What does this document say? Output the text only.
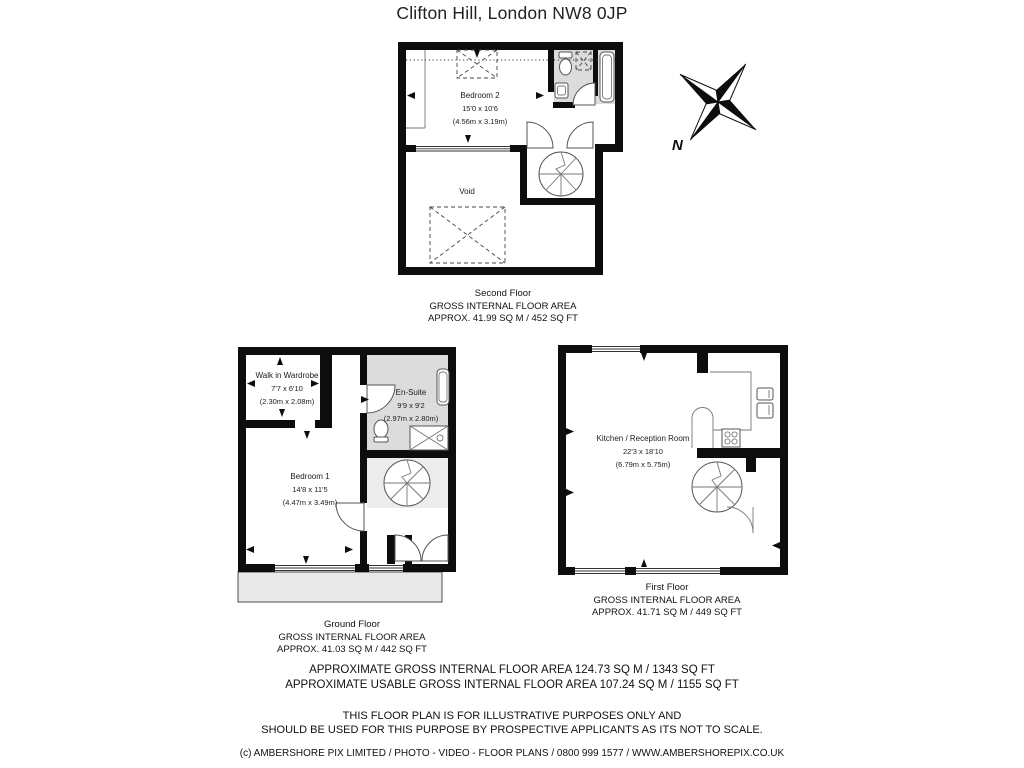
Clifton Hill, London NW8 0JP
N
Bedroom 2
15'0 x 10'6
(4.56m x 3.19m)
Void
Walk in Wardrobe
7'7 x 6'10
(2.30m x 2.08m)
En-Suite
9'9 x 9'2
(2.97m x 2.80m)
Bedroom 1
14'8 x 11'5
(4.47m x 3.49m)
Kitchen / Reception Room
22'3 x 18'10
(6.79m x 5.75m)
Second Floor
GROSS INTERNAL FLOOR AREA
APPROX. 41.99 SQ M / 452 SQ FT
Ground Floor
GROSS INTERNAL FLOOR AREA
APPROX. 41.03 SQ M / 442 SQ FT
First Floor
GROSS INTERNAL FLOOR AREA
APPROX. 41.71 SQ M / 449 SQ FT
APPROXIMATE GROSS INTERNAL FLOOR AREA 124.73 SQ M / 1343 SQ FT
APPROXIMATE USABLE GROSS INTERNAL FLOOR AREA 107.24 SQ M / 1155 SQ FT
THIS FLOOR PLAN IS FOR ILLUSTRATIVE PURPOSES ONLY AND
SHOULD BE USED FOR THIS PURPOSE BY PROSPECTIVE APPLICANTS AS ITS NOT TO SCALE.
(c) AMBERSHORE PIX LIMITED / PHOTO - VIDEO - FLOOR PLANS / 0800 999 1577 / WWW.AMBERSHOREPIX.CO.UK
